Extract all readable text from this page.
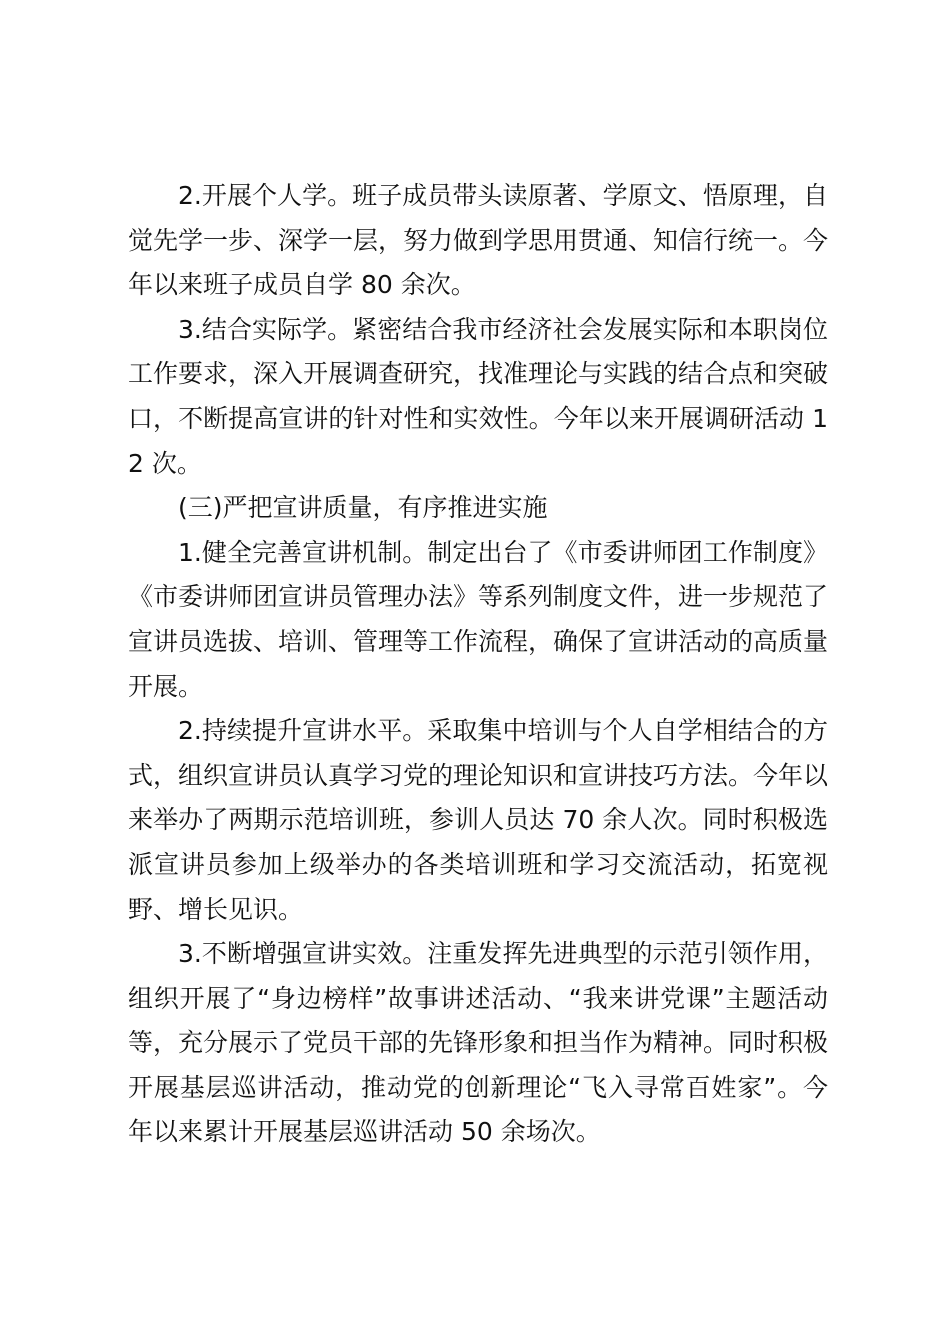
2.开展个人学。班子成员带头读原著、学原文、悟原理，自觉先学一步、深学一层，努力做到学思用贯通、知信行统一。今年以来班子成员自学 80 余次。

3.结合实际学。紧密结合我市经济社会发展实际和本职岗位工作要求，深入开展调查研究，找准理论与实践的结合点和突破口，不断提高宣讲的针对性和实效性。今年以来开展调研活动 12 次。

(三)严把宣讲质量，有序推进实施

1.健全完善宣讲机制。制定出台了《市委讲师团工作制度》《市委讲师团宣讲员管理办法》等系列制度文件，进一步规范了宣讲员选拔、培训、管理等工作流程，确保了宣讲活动的高质量开展。

2.持续提升宣讲水平。采取集中培训与个人自学相结合的方式，组织宣讲员认真学习党的理论知识和宣讲技巧方法。今年以来举办了两期示范培训班，参训人员达 70 余人次。同时积极选派宣讲员参加上级举办的各类培训班和学习交流活动，拓宽视野、增长见识。

3.不断增强宣讲实效。注重发挥先进典型的示范引领作用，组织开展了“身边榜样”故事讲述活动、“我来讲党课”主题活动等，充分展示了党员干部的先锋形象和担当作为精神。同时积极开展基层巡讲活动，推动党的创新理论“飞入寻常百姓家”。今年以来累计开展基层巡讲活动 50 余场次。
